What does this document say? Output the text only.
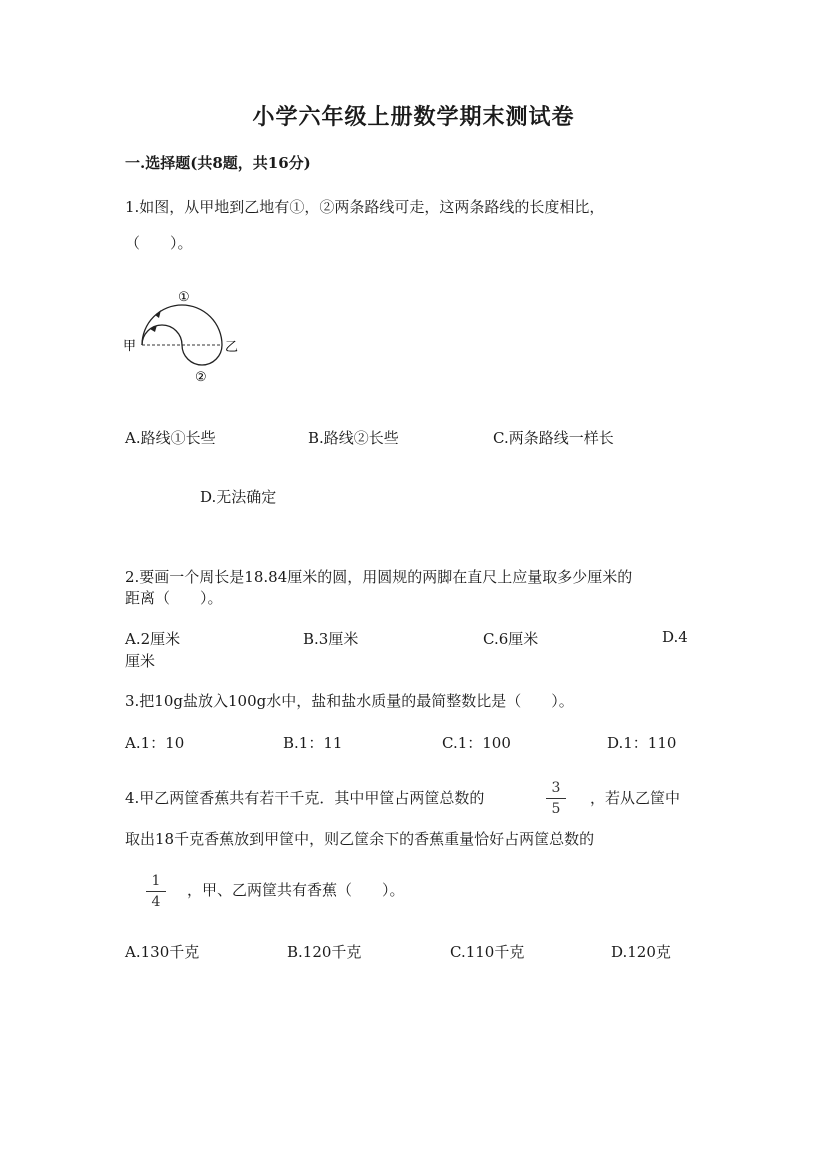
小学六年级上册数学期末测试卷
一.选择题(共8题，共16分)
1.如图，从甲地到乙地有①，②两条路线可走，这两条路线的长度相比，
（　　）。
甲	乙
①
②
A.路线①长些	B.路线②长些	C.两条路线一样长
D.无法确定
2.要画一个周长是18.84厘米的圆，用圆规的两脚在直尺上应量取多少厘米的
距离（　　）。
A.2厘米	B.3厘米	C.6厘米	D.4
厘米
3.把10g盐放入100g水中，盐和盐水质量的最简整数比是（　　）。
A.1：10	B.1：11	C.1：100	D.1：110
4.甲乙两筐香蕉共有若干千克．其中甲筐占两筐总数的
3
5
，若从乙筐中
取出18千克香蕉放到甲筐中，则乙筐余下的香蕉重量恰好占两筐总数的
1
4
，甲、乙两筐共有香蕉（　　）。
A.130千克	B.120千克	C.110千克	D.120克
